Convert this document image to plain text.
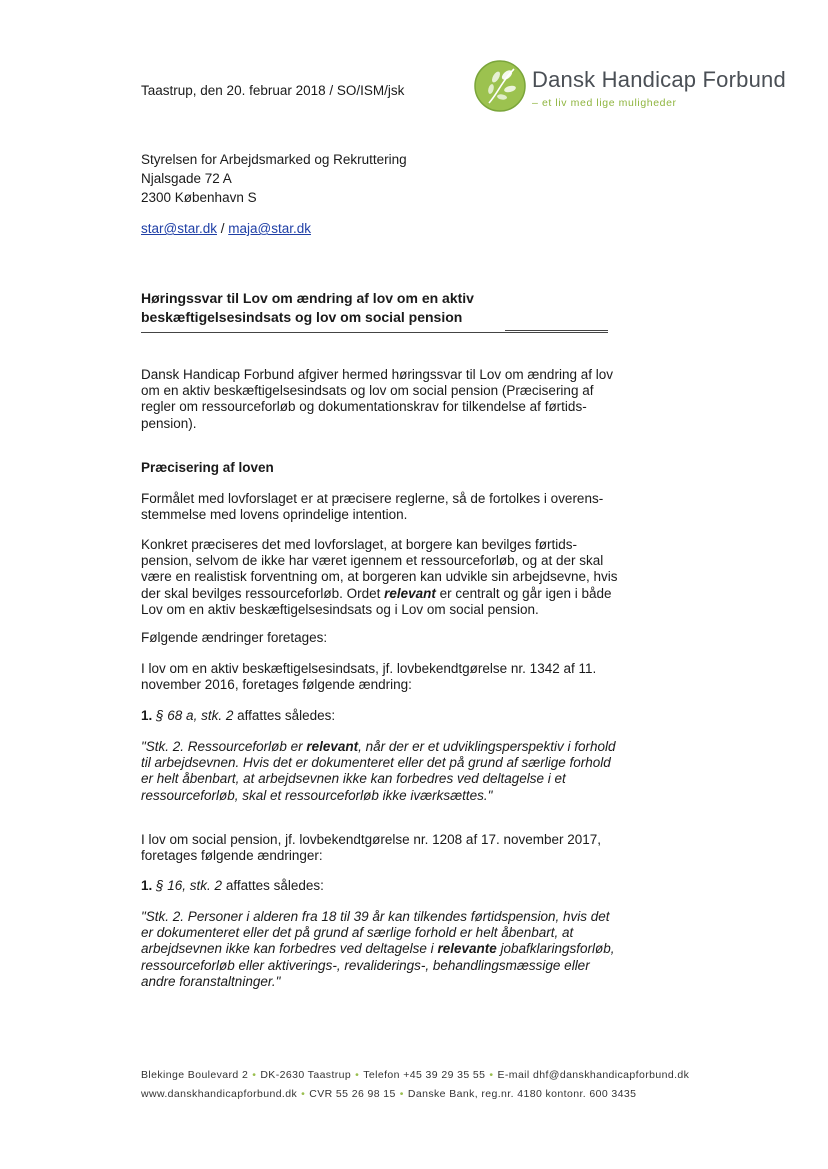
Taastrup, den 20. februar 2018 / SO/ISM/jsk	Dansk Handicap Forbund
– et liv med lige muligheder
Styrelsen for Arbejdsmarked og Rekruttering
Njalsgade 72 A
2300 København S
star@star.dk / maja@star.dk
Høringssvar til Lov om ændring af lov om en aktiv
beskæftigelsesindsats og lov om social pension
Dansk Handicap Forbund afgiver hermed høringssvar til Lov om ændring af lov om en aktiv beskæftigelsesindsats og lov om social pension (Præcisering af regler om ressourceforløb og dokumentationskrav for tilkendelse af førtids-pension).
Præcisering af loven
Formålet med lovforslaget er at præcisere reglerne, så de fortolkes i overens-stemmelse med lovens oprindelige intention.
Konkret præciseres det med lovforslaget, at borgere kan bevilges førtids-pension, selvom de ikke har været igennem et ressourceforløb, og at der skal være en realistisk forventning om, at borgeren kan udvikle sin arbejdsevne, hvis der skal bevilges ressourceforløb. Ordet relevant er centralt og går igen i både Lov om en aktiv beskæftigelsesindsats og i Lov om social pension.
Følgende ændringer foretages:
I lov om en aktiv beskæftigelsesindsats, jf. lovbekendtgørelse nr. 1342 af 11. november 2016, foretages følgende ændring:
1. § 68 a, stk. 2 affattes således:
"Stk. 2. Ressourceforløb er relevant, når der er et udviklingsperspektiv i forhold til arbejdsevnen. Hvis det er dokumenteret eller det på grund af særlige forhold er helt åbenbart, at arbejdsevnen ikke kan forbedres ved deltagelse i et ressourceforløb, skal et ressourceforløb ikke iværksættes."
I lov om social pension, jf. lovbekendtgørelse nr. 1208 af 17. november 2017, foretages følgende ændringer:
1. § 16, stk. 2 affattes således:
"Stk. 2. Personer i alderen fra 18 til 39 år kan tilkendes førtidspension, hvis det er dokumenteret eller det på grund af særlige forhold er helt åbenbart, at arbejdsevnen ikke kan forbedres ved deltagelse i relevante jobafklaringsforløb, ressourceforløb eller aktiverings-, revaliderings-, behandlingsmæssige eller andre foranstaltninger."
Blekinge Boulevard 2 • DK-2630 Taastrup • Telefon +45 39 29 35 55 • E-mail dhf@danskhandicapforbund.dk
www.danskhandicapforbund.dk • CVR 55 26 98 15 • Danske Bank, reg.nr. 4180 kontonr. 600 3435
